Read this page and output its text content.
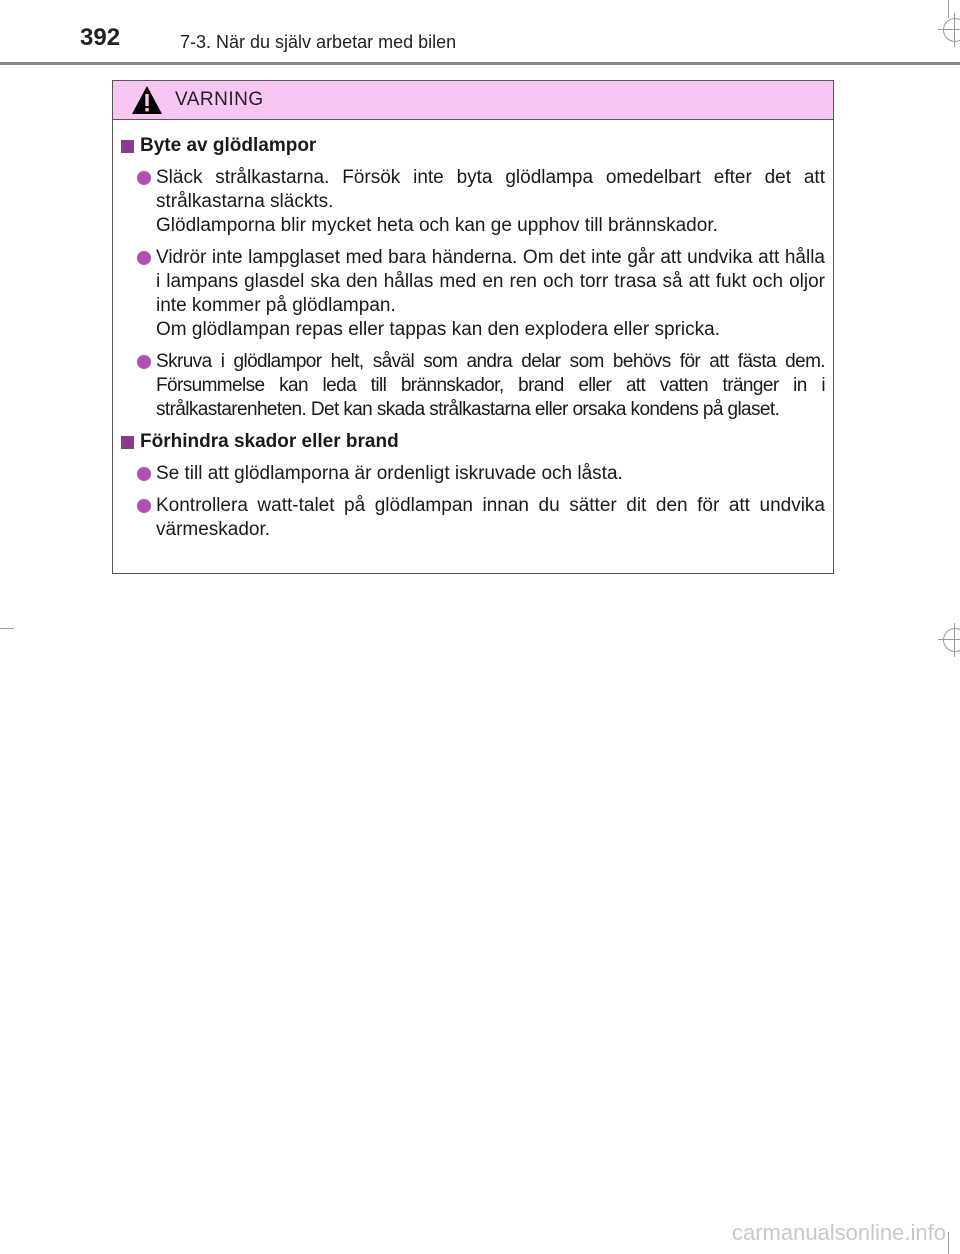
392	7-3. När du själv arbetar med bilen
VARNING
Byte av glödlampor
Släck strålkastarna. Försök inte byta glödlampa omedelbart efter det att strålkastarna släckts.
Glödlamporna blir mycket heta och kan ge upphov till brännskador.
Vidrör inte lampglaset med bara händerna. Om det inte går att undvika att hålla i lampans glasdel ska den hållas med en ren och torr trasa så att fukt och oljor inte kommer på glödlampan.
Om glödlampan repas eller tappas kan den explodera eller spricka.
Skruva i glödlampor helt, såväl som andra delar som behövs för att fästa dem. Försummelse kan leda till brännskador, brand eller att vatten tränger in i strålkastarenheten. Det kan skada strålkastarna eller orsaka kondens på glaset.
Förhindra skador eller brand
Se till att glödlamporna är ordenligt iskruvade och låsta.
Kontrollera watt-talet på glödlampan innan du sätter dit den för att undvika värmeskador.
carmanualsonline.info
